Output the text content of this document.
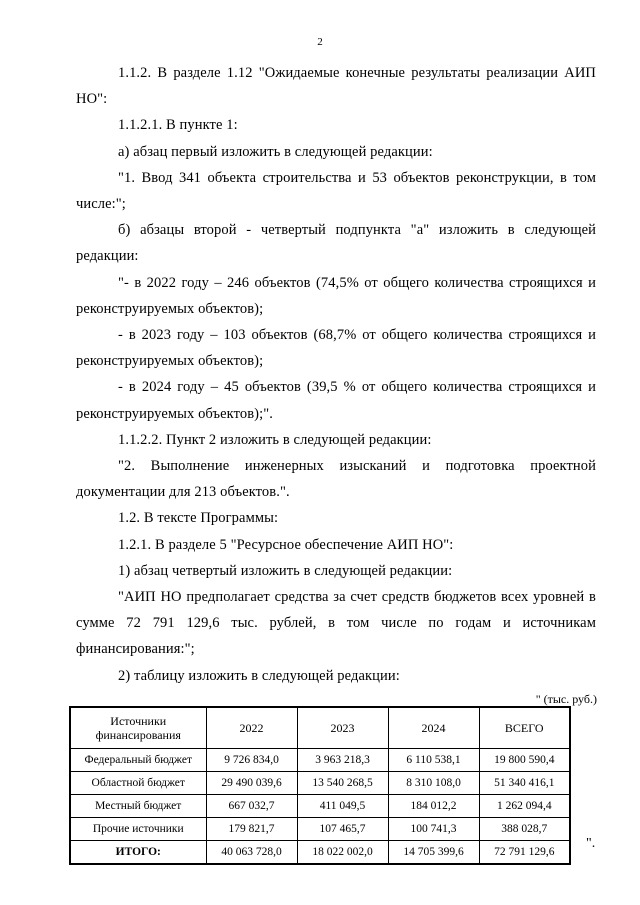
2

1.1.2. В разделе 1.12 "Ожидаемые конечные результаты реализации АИП НО":

1.1.2.1. В пункте 1:

а) абзац первый изложить в следующей редакции:

"1. Ввод 341 объекта строительства и 53 объектов реконструкции, в том числе:";

б) абзацы второй - четвертый подпункта "а" изложить в следующей редакции:

"- в 2022 году – 246 объектов (74,5% от общего количества строящихся и реконструируемых объектов);

- в 2023 году – 103 объектов (68,7% от общего количества строящихся и реконструируемых объектов);

- в 2024 году – 45 объектов (39,5 % от общего количества строящихся и реконструируемых объектов);".

1.1.2.2. Пункт 2 изложить в следующей редакции:

"2. Выполнение инженерных изысканий и подготовка проектной документации для 213 объектов.".

1.2. В тексте Программы:

1.2.1. В разделе 5 "Ресурсное обеспечение АИП НО":

1) абзац четвертый изложить в следующей редакции:

"АИП НО предполагает средства за счет средств бюджетов всех уровней в сумме 72 791 129,6 тыс. рублей, в том числе по годам и источникам финансирования:";

2) таблицу изложить в следующей редакции:

" (тыс. руб.)
Источники финансирования	2022	2023	2024	ВСЕГО
Федеральный бюджет	9 726 834,0	3 963 218,3	6 110 538,1	19 800 590,4
Областной бюджет	29 490 039,6	13 540 268,5	8 310 108,0	51 340 416,1
Местный бюджет	667 032,7	411 049,5	184 012,2	1 262 094,4
Прочие источники	179 821,7	107 465,7	100 741,3	388 028,7
ИТОГО:	40 063 728,0	18 022 002,0	14 705 399,6	72 791 129,6
".
